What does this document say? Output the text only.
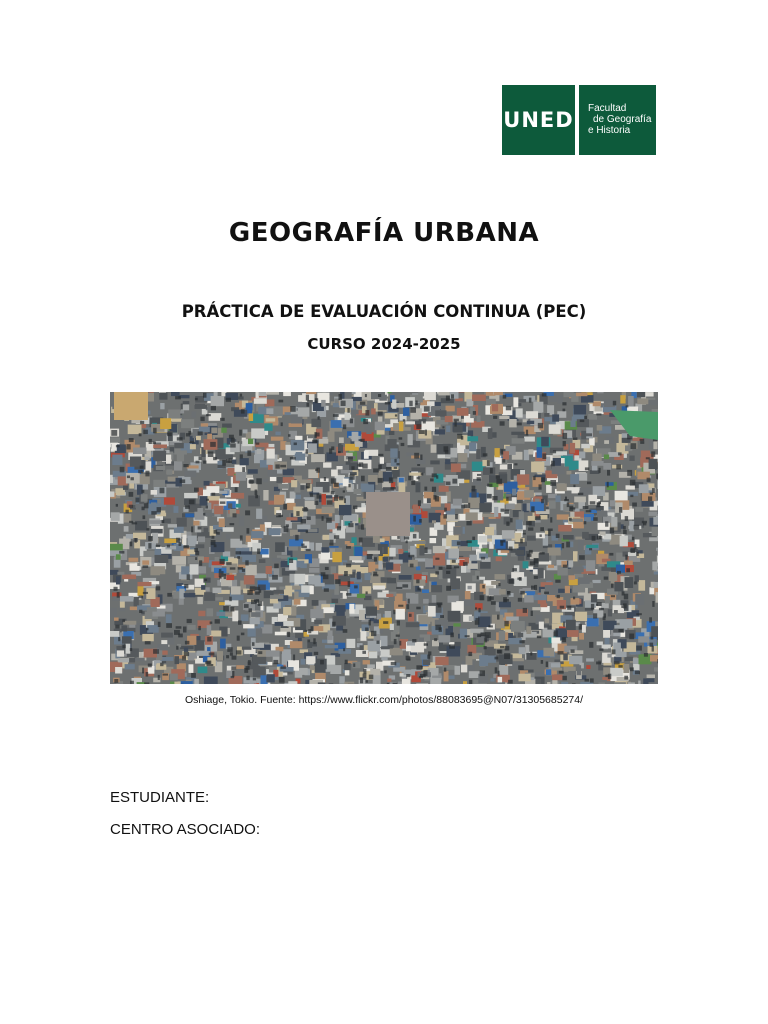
UNED Facultad
de Geografía
e Historia
GEOGRAFÍA URBANA
PRÁCTICA DE EVALUACIÓN CONTINUA (PEC)
CURSO 2024-2025
Oshiage, Tokio. Fuente: https://www.flickr.com/photos/88083695@N07/31305685274/
ESTUDIANTE:
CENTRO ASOCIADO:
